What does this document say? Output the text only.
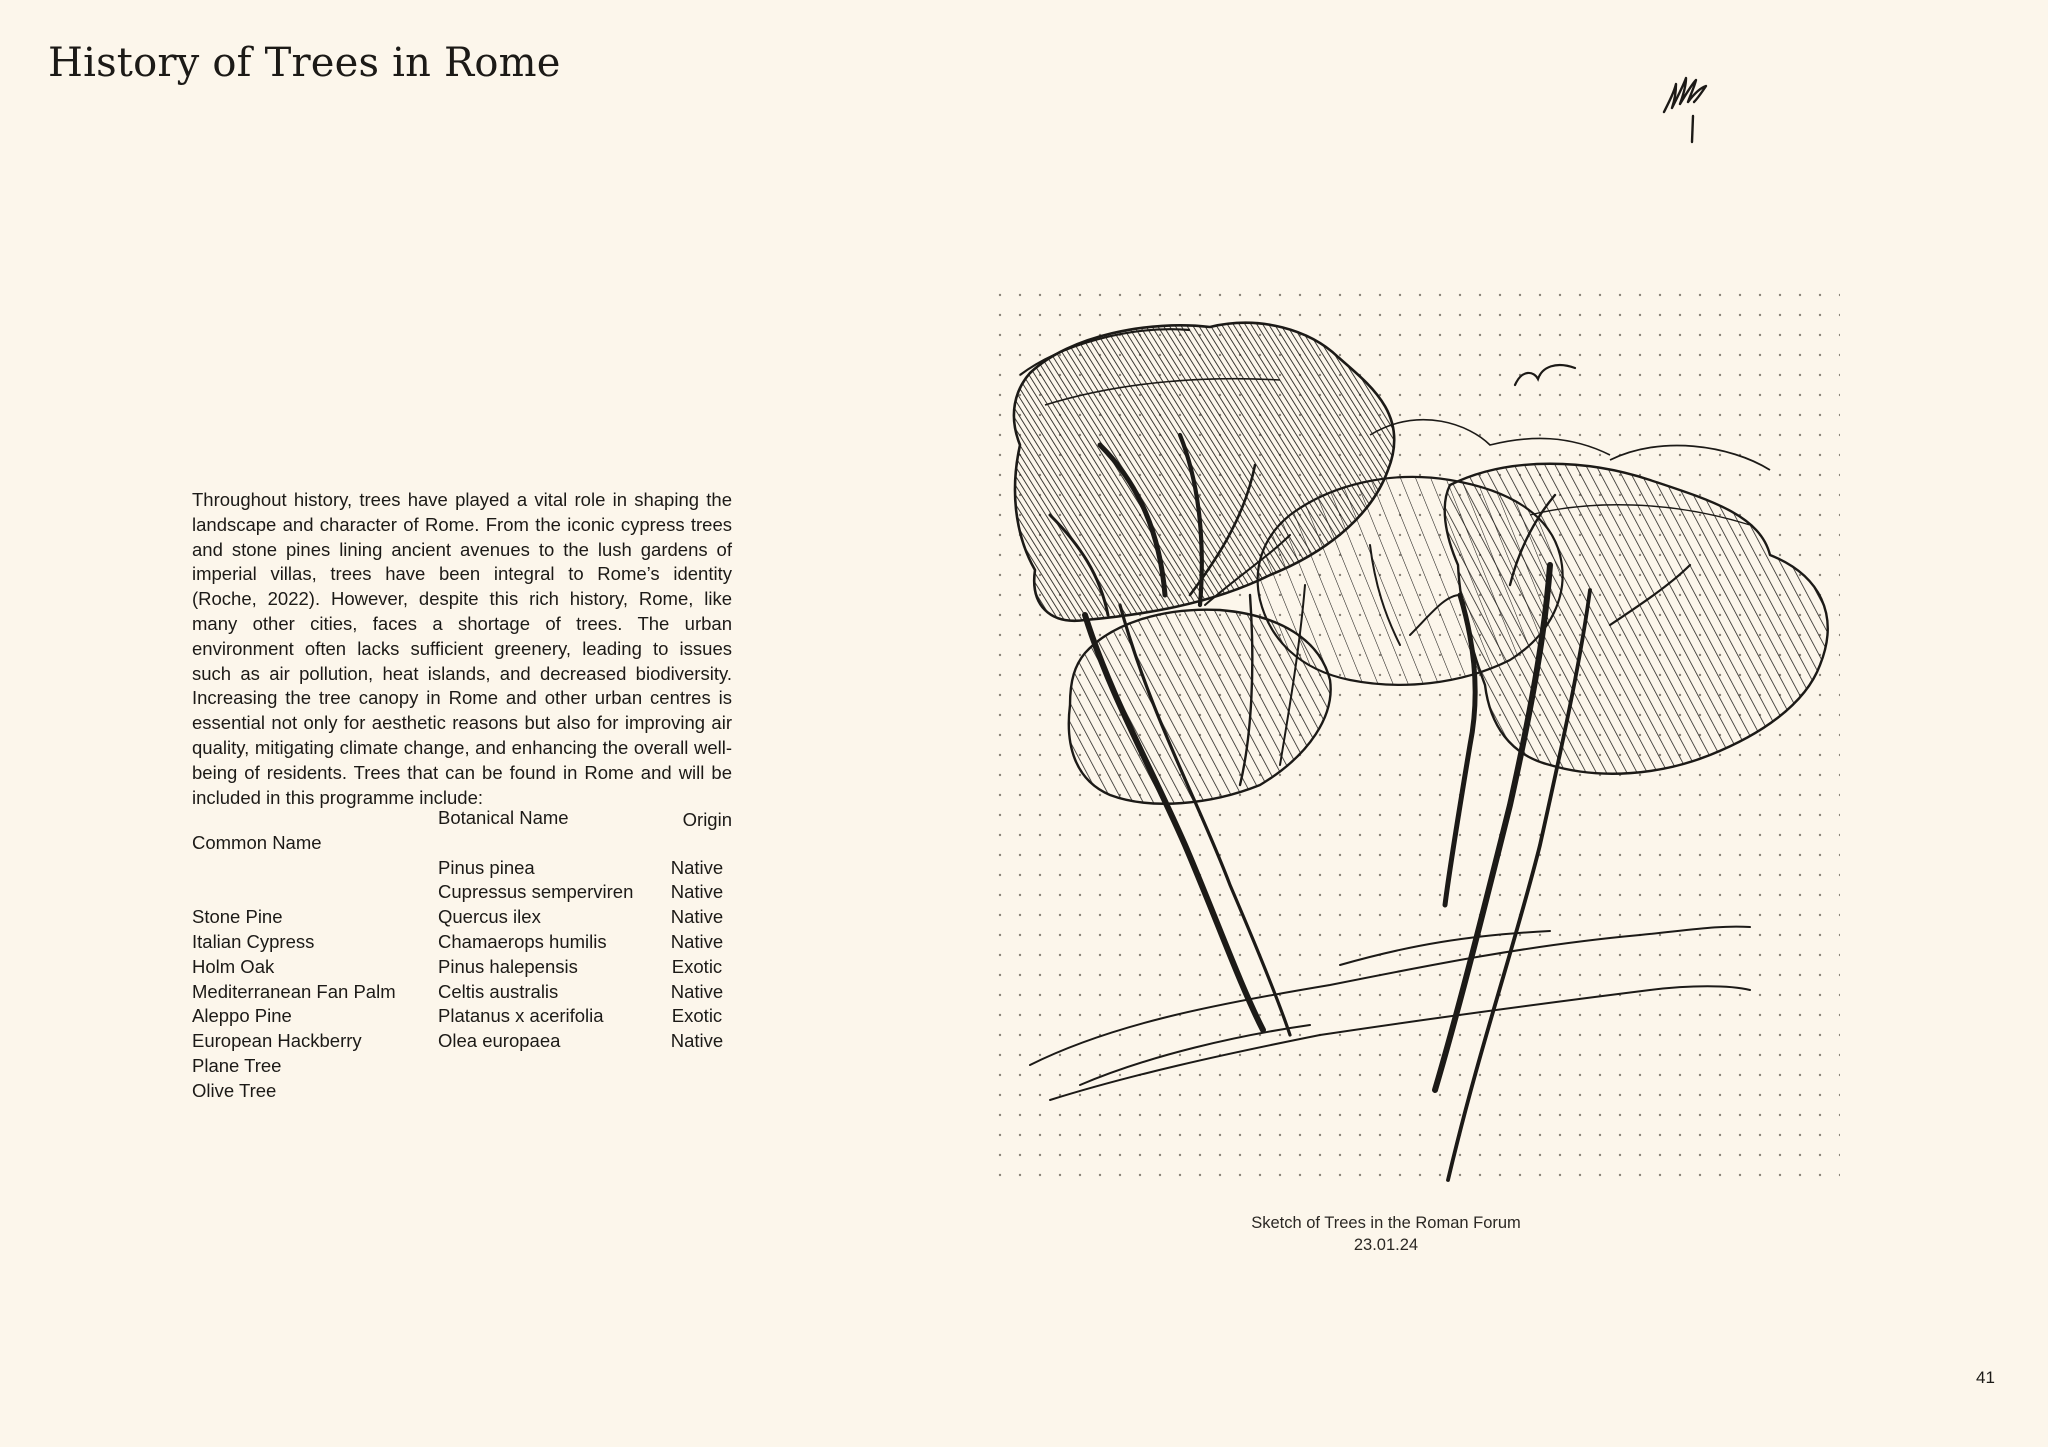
History of Trees in Rome

Throughout history, trees have played a vital role in shaping the landscape and character of Rome. From the iconic cypress trees and stone pines lining ancient avenues to the lush gardens of imperial villas, trees have been integral to Rome’s identity (Roche, 2022). However, despite this rich history, Rome, like many other cities, faces a shortage of trees. The urban environment often lacks sufficient greenery, leading to issues such as air pollution, heat islands, and decreased biodiversity. Increasing the tree canopy in Rome and other urban centres is essential not only for aesthetic reasons but also for improving air quality, mitigating climate change, and enhancing the overall well-being of residents. Trees that can be found in Rome and will be included in this programme include:

Common Name
Botanical Name	Origin
Stone Pine
Italian Cypress
Holm Oak
Mediterranean Fan Palm
Aleppo Pine
European Hackberry
Plane Tree
Olive Tree
Pinus pinea
Cupressus semperviren
Quercus ilex
Chamaerops humilis
Pinus halepensis
Celtis australis
Platanus x acerifolia
Olea europaea
Native
Native
Native
Native
Exotic
Native
Exotic
Native
Sketch of Trees in the Roman Forum
23.01.24
41
